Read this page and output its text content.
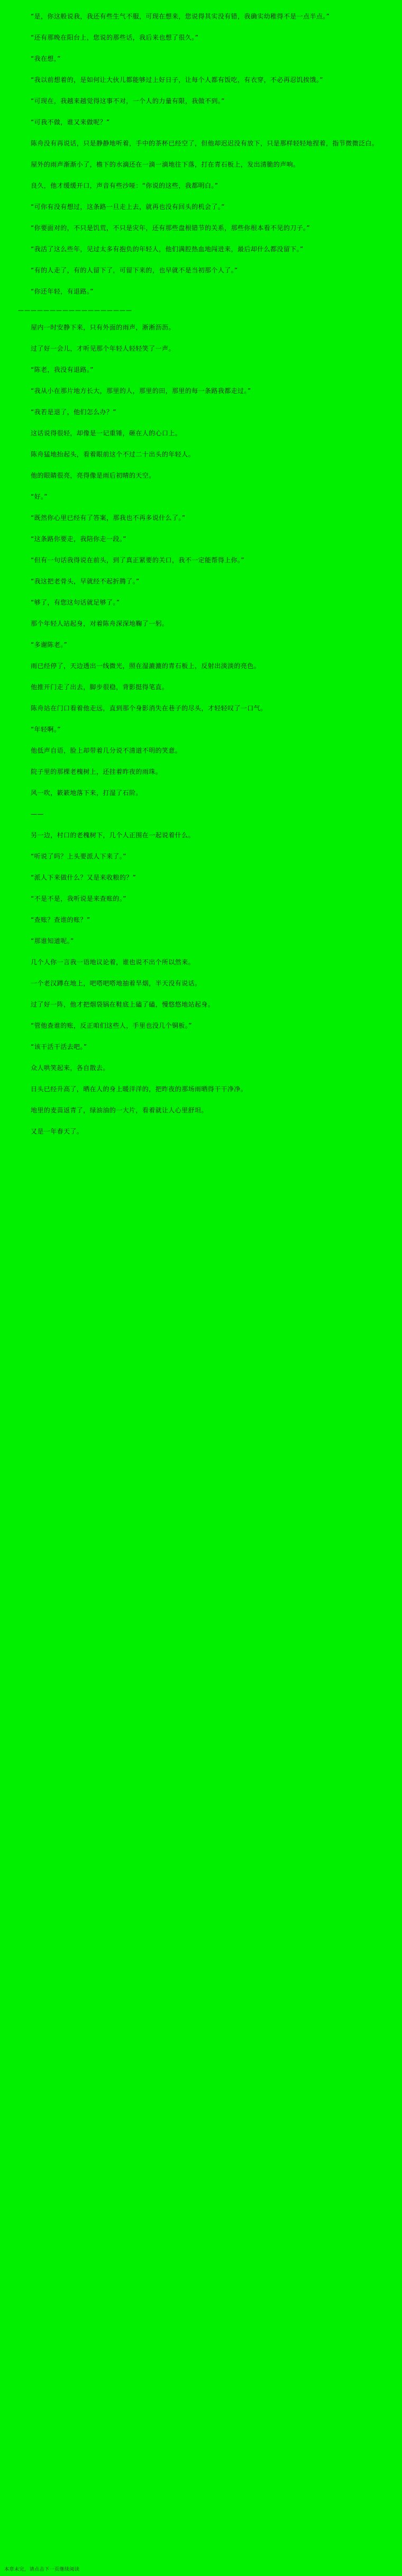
“是，你这般说我，我还有些生气不服，可现在想来，您说得其实没有错，我确实幼稚得不是一点半点。”
“还有那晚在阳台上，您说的那些话，我后来也想了很久。”
“我在想，”
“我以前想着的，是如何让大伙儿都能够过上好日子，让每个人都有饭吃，有衣穿，不必再忍饥挨饿。”
“可现在，我越来越觉得这事不对，一个人的力量有限，我做不到。”
“可我不做，谁又来做呢？”
陈舟没有再说话，只是静静地听着，手中的茶杯已经空了，但他却迟迟没有放下，只是那样轻轻地捏着，指节微微泛白。
屋外的雨声渐渐小了，檐下的水滴还在一滴一滴地往下落，打在青石板上，发出清脆的声响。
良久，他才缓缓开口，声音有些沙哑：“你说的这些，我都明白。”
“可你有没有想过，这条路一旦走上去，就再也没有回头的机会了。”
“你要面对的，不只是饥荒，不只是灾年，还有那些盘根错节的关系，那些你根本看不见的刀子。”
“我活了这么些年，见过太多有抱负的年轻人，他们满腔热血地闯进来，最后却什么都没留下。”
“有的人走了，有的人留下了，可留下来的，也早就不是当初那个人了。”
“你还年轻，有退路。”
——————————————————
屋内一时安静下来，只有外面的雨声，淅淅沥沥。
过了好一会儿，才听见那个年轻人轻轻笑了一声。
“陈老，我没有退路。”
“我从小在那片地方长大，那里的人，那里的田，那里的每一条路我都走过。”
“我若是退了，他们怎么办？”
这话说得很轻，却像是一记重锤，砸在人的心口上。
陈舟猛地抬起头，看着眼前这个不过二十出头的年轻人。
他的眼睛很亮，亮得像是雨后初晴的天空。
“好。”
“既然你心里已经有了答案，那我也不再多说什么了。”
“这条路你要走，我陪你走一段。”
“但有一句话我得说在前头，到了真正紧要的关口，我不一定能帮得上你。”
“我这把老骨头，早就经不起折腾了。”
“够了，有您这句话就足够了。”
那个年轻人站起身，对着陈舟深深地鞠了一躬。
“多谢陈老。”
雨已经停了，天边透出一线微光，照在湿漉漉的青石板上，反射出淡淡的亮色。
他推开门走了出去，脚步很稳，背影挺得笔直。
陈舟站在门口看着他走远，直到那个身影消失在巷子的尽头，才轻轻叹了一口气。
“年轻啊。”
他低声自语，脸上却带着几分说不清道不明的笑意。
院子里的那棵老槐树上，还挂着昨夜的雨珠。
风一吹，簌簌地落下来，打湿了石阶。
——
另一边，村口的老槐树下，几个人正围在一起说着什么。
“听说了吗？上头要派人下来了。”
“派人下来做什么？又是来收粮的？”
“不是不是，我听说是来查账的。”
“查账？查谁的账？”
“那谁知道呢。”
几个人你一言我一语地议论着，谁也说不出个所以然来。
一个老汉蹲在地上，吧嗒吧嗒地抽着旱烟，半天没有说话。
过了好一阵，他才把烟袋锅在鞋底上磕了磕，慢悠悠地站起身。
“管他查谁的账，反正咱们这些人，手里也没几个铜板。”
“该干活干活去吧。”
众人哄笑起来，各自散去。
日头已经升高了，晒在人的身上暖洋洋的，把昨夜的那场雨晒得干干净净。
地里的麦苗返青了，绿油油的一大片，看着就让人心里舒坦。
又是一年春天了。
本章未完，请点击下一页继续阅读
